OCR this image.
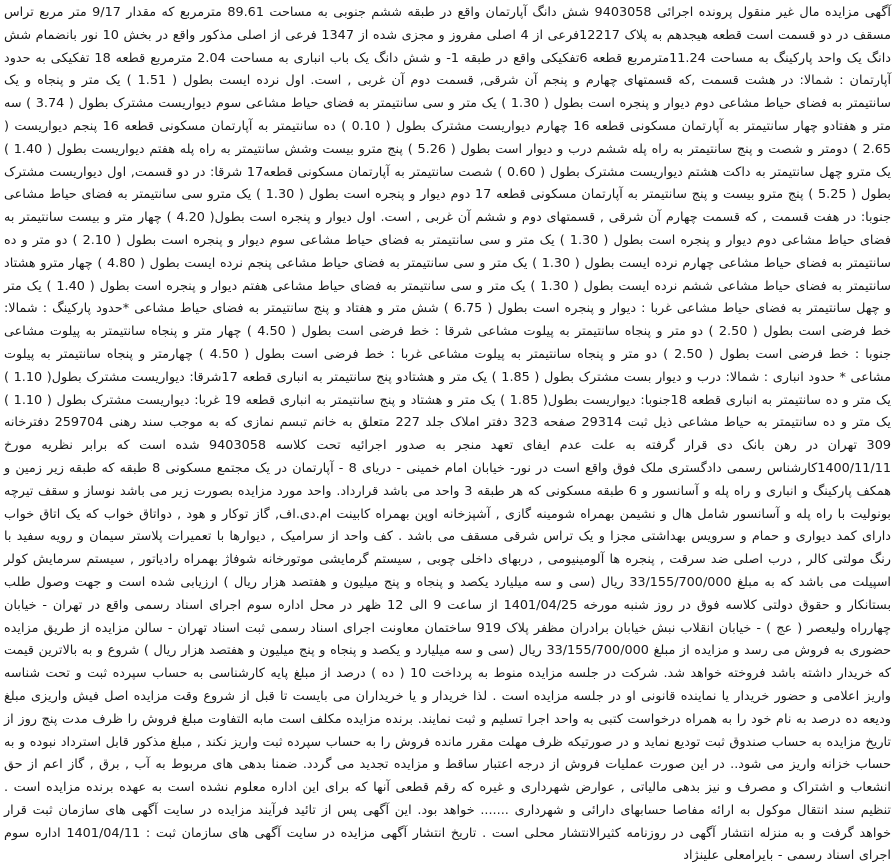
آگهی مزایده مال غیر منقول پرونده اجرائی 9403058 شش دانگ آپارتمان واقع در طبقه ششم جنوبی به مساحت 89.61 مترمربع که مقدار 9/17 متر مربع تراس مسقف در دو قسمت است قطعه هیجدهم به پلاک 12217فرعی از 4 اصلی مفروز و مجزی شده از 1347 فرعی از اصلی مذکور واقع در بخش 10 نور بانضمام شش دانگ یک واحد پارکینگ به مساحت 11.24مترمربع قطعه 6تفکیکی واقع در طبقه 1- و شش دانگ یک باب انباری به مساحت 2.04 مترمربع قطعه 18 تفکیکی به حدود آپارتمان : شمالا: در هشت قسمت ,که قسمتهای چهارم و پنجم آن شرقی, قسمت دوم آن غربی , است. اول نرده ایست بطول ( 1.51 ) یک متر و پنجاه و یک سانتیمتر به فضای حیاط مشاعی دوم دیوار و پنجره است بطول ( 1.30 ) یک متر و سی سانتیمتر به فضای حیاط مشاعی سوم دیواریست مشترک بطول ( 3.74 ) سه متر و هفتادو چهار سانتیمتر به آپارتمان مسکونی قطعه 16 چهارم دیواریست مشترک بطول ( 0.10 ) ده سانتیمتر به آپارتمان مسکونی قطعه 16 پنجم دیواریست ( 2.65 ) دومتر و شصت و پنج سانتیمتر به راه پله ششم درب و دیوار است بطول ( 5.26 ) پنج مترو بیست وشش سانتیمتر به راه پله هفتم دیواریست بطول ( 1.40 ) یک مترو چهل سانتیمتر به داکت هشتم دیواریست مشترک بطول ( 0.60 ) شصت سانتیمتر به آپارتمان مسکونی قطعه17 شرقا: در دو قسمت, اول دیواریست مشترک بطول ( 5.25 ) پنج مترو بیست و پنج سانتیمتر به آپارتمان مسکونی قطعه 17 دوم دیوار و پنجره است بطول ( 1.30 ) یک مترو سی سانتیمتر به فضای حیاط مشاعی جنوبا: در هفت قسمت , که قسمت چهارم آن شرقی , قسمتهای دوم و ششم آن غربی , است. اول دیوار و پنجره است بطول( 4.20 ) چهار متر و بیست سانتیمتر به فضای حیاط مشاعی دوم دیوار و پنجره است بطول ( 1.30 ) یک متر و سی سانتیمتر به فضای حیاط مشاعی سوم دیوار و پنجره است بطول ( 2.10 ) دو متر و ده سانتیمتر به فضای حیاط مشاعی چهارم نرده ایست بطول ( 1.30 ) یک متر و سی سانتیمتر به فضای حیاط مشاعی پنجم نرده ایست بطول ( 4.80 ) چهار مترو هشتاد سانتیمتر به فضای حیاط مشاعی ششم نرده ایست بطول ( 1.30 ) یک متر و سی سانتیمتر به فضای حیاط مشاعی هفتم دیوار و پنجره است بطول ( 1.40 ) یک متر و چهل سانتیمتر به فضای حیاط مشاعی غربا : دیوار و پنجره است بطول ( 6.75 ) شش متر و هفتاد و پنج سانتیمتر به فضای حیاط مشاعی *حدود پارکینگ : شمالا: خط فرضی است بطول ( 2.50 ) دو متر و پنجاه سانتیمتر به پیلوت مشاعی شرقا : خط فرضی است بطول ( 4.50 ) چهار متر و پنجاه سانتیمتر به پیلوت مشاعی جنوبا : خط فرضی است بطول ( 2.50 ) دو متر و پنجاه سانتیمتر به پیلوت مشاعی غربا : خط فرضی است بطول ( 4.50 ) چهارمتر و پنجاه سانتیمتر به پیلوت مشاعی * حدود انباری : شمالا: درب و دیوار بست مشترک بطول ( 1.85 ) یک متر و هشتادو پنج سانتیمتر به انباری قطعه 17شرقا: دیواریست مشترک بطول( 1.10 ) یک متر و ده سانتیمتر به انباری قطعه 18جنوبا: دیواریست بطول( 1.85 ) یک متر و هشتاد و پنج سانتیمتر به انباری قطعه 19 غربا: دیواریست مشترک بطول ( 1.10 ) یک متر و ده سانتیمتر به حیاط مشاعی ذیل ثبت 29314 صفحه 323 دفتر املاک جلد 227 متعلق به خانم تبسم نمازی که به موجب سند رهنی 259704 دفترخانه 309 تهران در رهن بانک دی قرار گرفته به علت عدم ایفای تعهد منجر به صدور اجرائیه تحت کلاسه 9403058 شده است که برابر نظریه مورخ 1400/11/11کارشناس رسمی دادگستری ملک فوق واقع است در نور- خیابان امام خمینی - دریای 8 - آپارتمان در یک مجتمع مسکونی 8 طبقه که طبقه زیر زمین و همکف پارکینگ و انباری و راه پله و آسانسور و 6 طبقه مسکونی که هر طبقه 3 واحد می باشد قرارداد. واحد مورد مزایده بصورت زیر می باشد نوساز و سقف تیرچه بونولیت با راه پله و آسانسور شامل هال و نشیمن بهمراه شومینه گازی , آشپزخانه اوپن بهمراه کابینت ام.دی.اف, گاز توکار و هود , دواتاق خواب که یک اتاق خواب دارای کمد دیواری و حمام و سرویس بهداشتی مجزا و یک تراس شرقی مسقف می باشد . کف واحد از سرامیک , دیوارها با تعمیرات پلاستر سیمان و رویه سفید با رنگ مولتی کالر , درب اصلی ضد سرقت , پنجره ها آلومینیومی , دربهای داخلی چوبی , سیستم گرمایشی موتورخانه شوفاژ بهمراه رادیاتور , سیستم سرمایش کولر اسپیلت می باشد که به مبلغ 33/155/700/000 ریال (سی و سه میلیارد یکصد و پنجاه و پنج میلیون و هفتصد هزار ریال ) ارزیابی شده است و جهت وصول طلب بستانکار و حقوق دولتی کلاسه فوق در روز شنبه مورخه 1401/04/25 از ساعت 9 الی 12 ظهر در محل اداره سوم اجرای اسناد رسمی واقع در تهران - خیابان چهارراه ولیعصر ( عج ) - خیابان انقلاب نبش خیابان برادران مظفر پلاک 919 ساختمان معاونت اجرای اسناد رسمی ثبت اسناد تهران - سالن مزایده از طریق مزایده حضوری به فروش می رسد و مزایده از مبلغ 33/155/700/000 ریال (سی و سه میلیارد و یکصد و پنجاه و پنج میلیون و هفتصد هزار ریال ) شروع و به بالاترین قیمت که خریدار داشته باشد فروخته خواهد شد. شرکت در جلسه مزایده منوط به پرداخت 10 ( ده ) درصد از مبلغ پایه کارشناسی به حساب سپرده ثبت و تحت شناسه واریز اعلامی و حضور خریدار یا نماینده قانونی او در جلسه مزایده است . لذا خریدار و یا خریداران می بایست تا قبل از شروع وقت مزایده اصل فیش واریزی مبلغ ودیعه ده درصد به نام خود را به همراه درخواست کتبی به واحد اجرا تسلیم و ثبت نمایند. برنده مزایده مکلف است مابه التفاوت مبلغ فروش را ظرف مدت پنج روز از تاریخ مزایده به حساب صندوق ثبت تودیع نماید و در صورتیکه ظرف مهلت مقرر مانده فروش را به حساب سپرده ثبت واریز نکند , مبلغ مذکور قابل استرداد نبوده و به حساب خزانه واریز می شود.. در این صورت عملیات فروش از درجه اعتبار ساقط و مزایده تجدید می گردد. ضمنا بدهی های مربوط به آب , برق , گاز اعم از حق انشعاب و اشتراک و مصرف و نیز بدهی مالیاتی , عوارض شهرداری و غیره که رقم قطعی آنها که برای این اداره معلوم نشده است به عهده برنده مزایده است . تنظیم سند انتقال موکول به ارائه مفاصا حسابهای دارائی و شهرداری ....... خواهد بود. این آگهی پس از تائید فرآیند مزایده در سایت آگهی های سازمان ثبت قرار خواهد گرفت و به منزله انتشار آگهی در روزنامه کثیرالانتشار محلی است . تاریخ انتشار آگهی مزایده در سایت آگهی های سازمان ثبت : 1401/04/11 اداره سوم اجرای اسناد رسمی - بایرامعلی علینژاد
